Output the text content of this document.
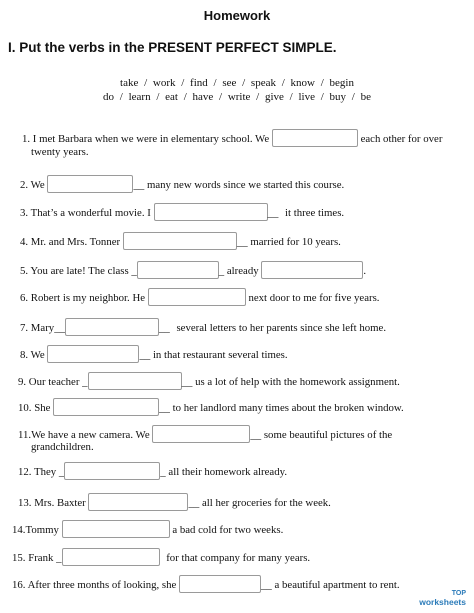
Homework
I. Put the verbs in the PRESENT PERFECT SIMPLE.
take / work / find / see / speak / know / begin
do / learn / eat / have / write / give / live / buy / be
1. I met Barbara when we were in elementary school. We	each other for over
twenty years.
2. We	__ many new words since we started this course.
3. That’s a wonderful movie. I	__ it three times.
4. Mr. and Mrs. Tonner	__ married for 10 years.
5. You are late! The class _	_ already	.
6. Robert is my neighbor. He	next door to me for five years.
7. Mary__	__ several letters to her parents since she left home.
8. We	__ in that restaurant several times.
9. Our teacher _	__ us a lot of help with the homework assignment.
10. She	__ to her landlord many times about the broken window.
11.We have a new camera. We	__ some beautiful pictures of the
grandchildren.
12. They _	_ all their homework already.
13. Mrs. Baxter	__ all her groceries for the week.
14.Tommy	a bad cold for two weeks.
15. Frank _	for that company for many years.
16. After three months of looking, she	__ a beautiful apartment to rent.
TOP
worksheets
